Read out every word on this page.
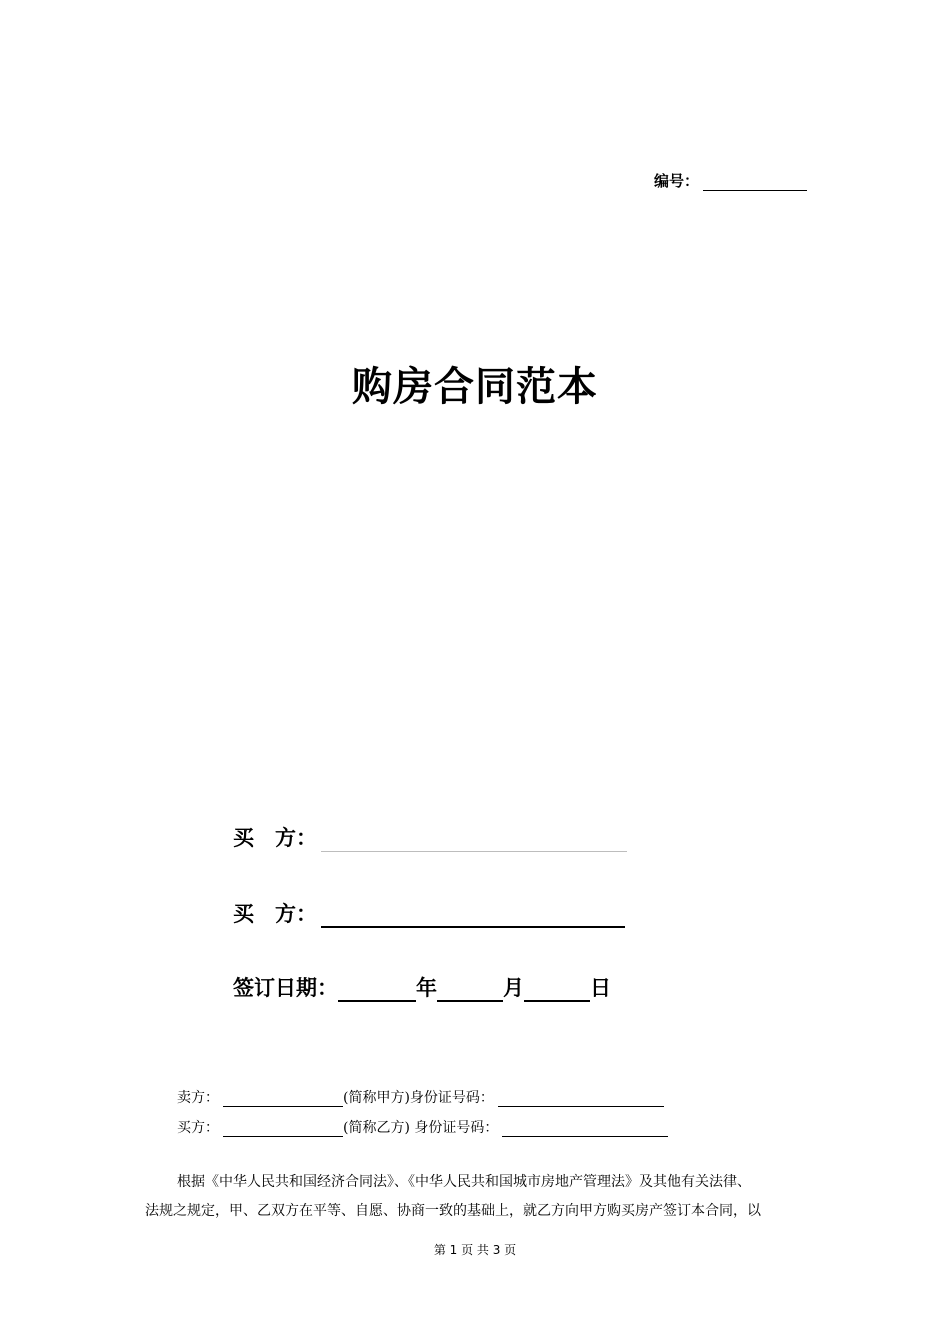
编号：
购房合同范本
买　方：
买　方：
签订日期：	年	月	日
卖方：	(简称甲方)身份证号码：
买方：	(简称乙方) 身份证号码：
根据《中华人民共和国经济合同法》、《中华人民共和国城市房地产管理法》及其他有关法律、
法规之规定，甲、乙双方在平等、自愿、协商一致的基础上，就乙方向甲方购买房产签订本合同，以
第 1 页 共 3 页
